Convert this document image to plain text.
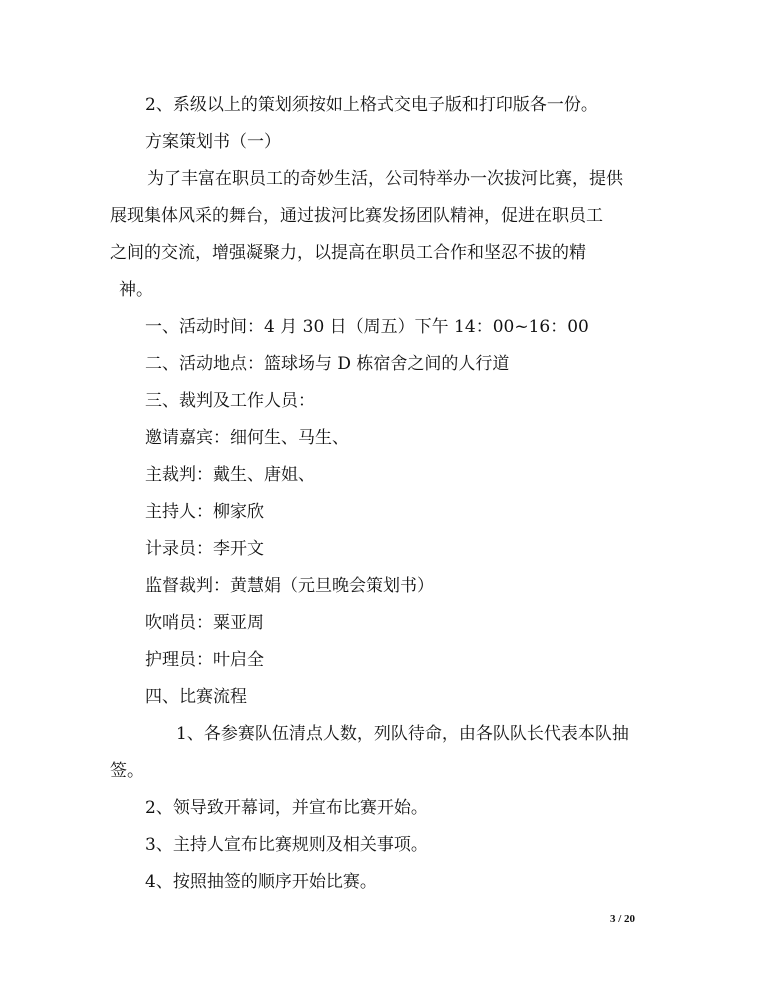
2、系级以上的策划须按如上格式交电子版和打印版各一份。
方案策划书（一）
为了丰富在职员工的奇妙生活，公司特举办一次拔河比赛，提供
展现集体风采的舞台，通过拔河比赛发扬团队精神，促进在职员工
之间的交流，增强凝聚力，以提高在职员工合作和坚忍不拔的精
神。
一、活动时间：4 月 30 日（周五）下午 14：00~16：00
二、活动地点：篮球场与 D 栋宿舍之间的人行道
三、裁判及工作人员：
邀请嘉宾：细何生、马生、
主裁判：戴生、唐姐、
主持人：柳家欣
计录员：李开文
监督裁判：黄慧娟（元旦晚会策划书）
吹哨员：粟亚周
护理员：叶启全
四、比赛流程
1、各参赛队伍清点人数，列队待命，由各队队长代表本队抽
签。
2、领导致开幕词，并宣布比赛开始。
3、主持人宣布比赛规则及相关事项。
4、按照抽签的顺序开始比赛。
3 / 20
